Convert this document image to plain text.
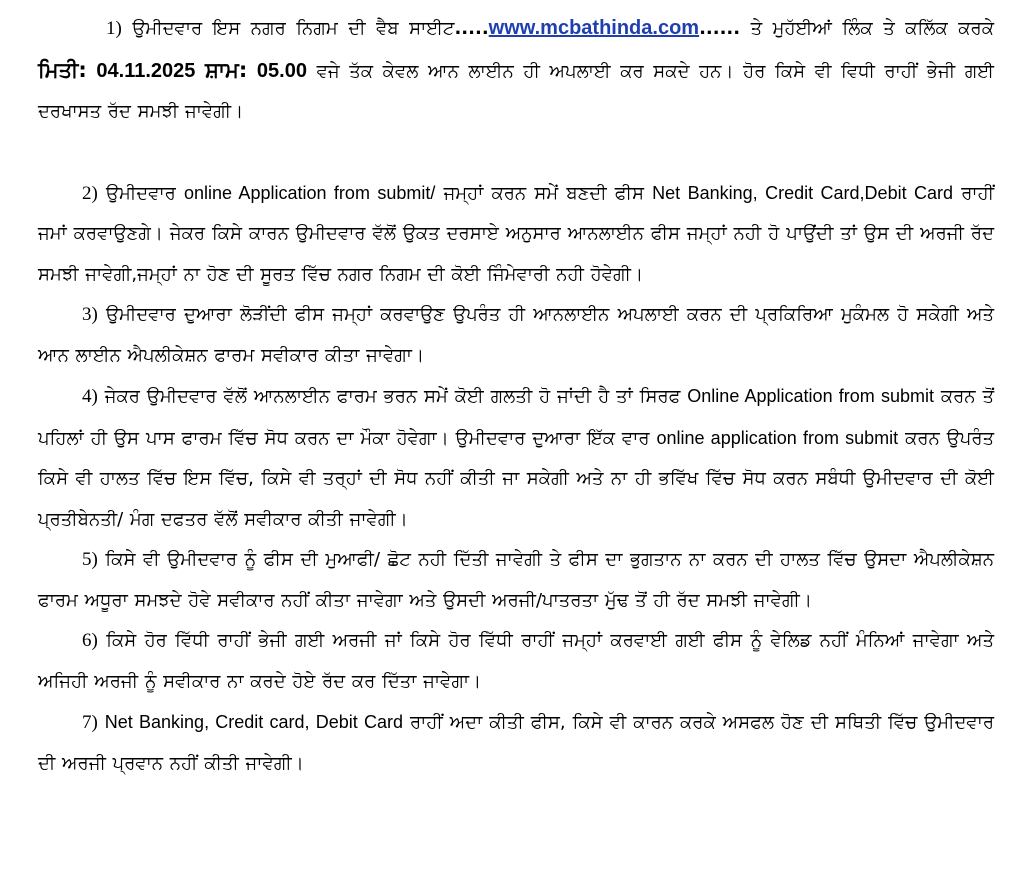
1) ਉਮੀਦਵਾਰ ਇਸ ਨਗਰ ਨਿਗਮ ਦੀ ਵੈਬ ਸਾਈਟ.....www.mcbathinda.com...... ਤੇ ਮੁਹੱਈਆਂ ਲਿੰਕ ਤੇ ਕਲਿੱਕ ਕਰਕੇ ਮਿਤੀ: 04.11.2025 ਸ਼ਾਮ: 05.00 ਵਜੇ ਤੱਕ ਕੇਵਲ ਆਨ ਲਾਈਨ ਹੀ ਅਪਲਾਈ ਕਰ ਸਕਦੇ ਹਨ। ਹੋਰ ਕਿਸੇ ਵੀ ਵਿਧੀ ਰਾਹੀਂ ਭੇਜੀ ਗਈ ਦਰਖਾਸਤ ਰੱਦ ਸਮਝੀ ਜਾਵੇਗੀ।

2) ਉਮੀਦਵਾਰ online Application from submit/ ਜਮ੍ਹਾਂ ਕਰਨ ਸਮੇਂ ਬਣਦੀ ਫੀਸ Net Banking, Credit Card,Debit Card ਰਾਹੀਂ ਜਮਾਂ ਕਰਵਾਉਣਗੇ। ਜੇਕਰ ਕਿਸੇ ਕਾਰਨ ਉਮੀਦਵਾਰ ਵੱਲੋਂ ਉਕਤ ਦਰਸਾਏ ਅਨੁਸਾਰ ਆਨਲਾਈਨ ਫੀਸ ਜਮ੍ਹਾਂ ਨਹੀ ਹੋ ਪਾਉਂਦੀ ਤਾਂ ਉਸ ਦੀ ਅਰਜੀ ਰੱਦ ਸਮਝੀ ਜਾਵੇਗੀ,ਜਮ੍ਹਾਂ ਨਾ ਹੋਣ ਦੀ ਸੂਰਤ ਵਿੱਚ ਨਗਰ ਨਿਗਮ ਦੀ ਕੋਈ ਜਿੰਮੇਵਾਰੀ ਨਹੀ ਹੋਵੇਗੀ।

3) ਉਮੀਦਵਾਰ ਦੁਆਰਾ ਲੋੜੀਂਦੀ ਫੀਸ ਜਮ੍ਹਾਂ ਕਰਵਾਉਣ ਉਪਰੰਤ ਹੀ ਆਨਲਾਈਨ ਅਪਲਾਈ ਕਰਨ ਦੀ ਪ੍ਰਕਿਰਿਆ ਮੁਕੰਮਲ ਹੋ ਸਕੇਗੀ ਅਤੇ ਆਨ ਲਾਈਨ ਐਪਲੀਕੇਸ਼ਨ ਫਾਰਮ ਸਵੀਕਾਰ ਕੀਤਾ ਜਾਵੇਗਾ।

4) ਜੇਕਰ ਉਮੀਦਵਾਰ ਵੱਲੋਂ ਆਨਲਾਈਨ ਫਾਰਮ ਭਰਨ ਸਮੇਂ ਕੋਈ ਗਲਤੀ ਹੋ ਜਾਂਦੀ ਹੈ ਤਾਂ ਸਿਰਫ Online Application from submit ਕਰਨ ਤੋਂ ਪਹਿਲਾਂ ਹੀ ਉਸ ਪਾਸ ਫਾਰਮ ਵਿੱਚ ਸੋਧ ਕਰਨ ਦਾ ਮੌਕਾ ਹੋਵੇਗਾ। ਉਮੀਦਵਾਰ ਦੁਆਰਾ ਇੱਕ ਵਾਰ online application from submit ਕਰਨ ਉਪਰੰਤ ਕਿਸੇ ਵੀ ਹਾਲਤ ਵਿੱਚ ਇਸ ਵਿੱਚ, ਕਿਸੇ ਵੀ ਤਰ੍ਹਾਂ ਦੀ ਸੋਧ ਨਹੀਂ ਕੀਤੀ ਜਾ ਸਕੇਗੀ ਅਤੇ ਨਾ ਹੀ ਭਵਿੱਖ ਵਿੱਚ ਸੋਧ ਕਰਨ ਸਬੰਧੀ ਉਮੀਦਵਾਰ ਦੀ ਕੋਈ ਪ੍ਰਤੀਬੇਨਤੀ/ ਮੰਗ ਦਫਤਰ ਵੱਲੋਂ ਸਵੀਕਾਰ ਕੀਤੀ ਜਾਵੇਗੀ।

5) ਕਿਸੇ ਵੀ ਉਮੀਦਵਾਰ ਨੂੰ ਫੀਸ ਦੀ ਮੁਆਫੀ/ ਛੋਟ ਨਹੀ ਦਿੱਤੀ ਜਾਵੇਗੀ ਤੇ ਫੀਸ ਦਾ ਭੁਗਤਾਨ ਨਾ ਕਰਨ ਦੀ ਹਾਲਤ ਵਿੱਚ ਉਸਦਾ ਐਪਲੀਕੇਸ਼ਨ ਫਾਰਮ ਅਧੂਰਾ ਸਮਝਦੇ ਹੋਵੇ ਸਵੀਕਾਰ ਨਹੀਂ ਕੀਤਾ ਜਾਵੇਗਾ ਅਤੇ ਉਸਦੀ ਅਰਜੀ/ਪਾਤਰਤਾ ਮੁੱਢ ਤੋਂ ਹੀ ਰੱਦ ਸਮਝੀ ਜਾਵੇਗੀ।

6) ਕਿਸੇ ਹੋਰ ਵਿੱਧੀ ਰਾਹੀਂ ਭੇਜੀ ਗਈ ਅਰਜੀ ਜਾਂ ਕਿਸੇ ਹੋਰ ਵਿੱਧੀ ਰਾਹੀਂ ਜਮ੍ਹਾਂ ਕਰਵਾਈ ਗਈ ਫੀਸ ਨੂੰ ਵੇਲਿਡ ਨਹੀਂ ਮੰਨਿਆਂ ਜਾਵੇਗਾ ਅਤੇ ਅਜਿਹੀ ਅਰਜੀ ਨੂੰ ਸਵੀਕਾਰ ਨਾ ਕਰਦੇ ਹੋਏ ਰੱਦ ਕਰ ਦਿੱਤਾ ਜਾਵੇਗਾ।

7) Net Banking, Credit card, Debit Card ਰਾਹੀਂ ਅਦਾ ਕੀਤੀ ਫੀਸ, ਕਿਸੇ ਵੀ ਕਾਰਨ ਕਰਕੇ ਅਸਫਲ ਹੋਣ ਦੀ ਸਥਿਤੀ ਵਿੱਚ ਉਮੀਦਵਾਰ ਦੀ ਅਰਜੀ ਪ੍ਰਵਾਨ ਨਹੀਂ ਕੀਤੀ ਜਾਵੇਗੀ।
